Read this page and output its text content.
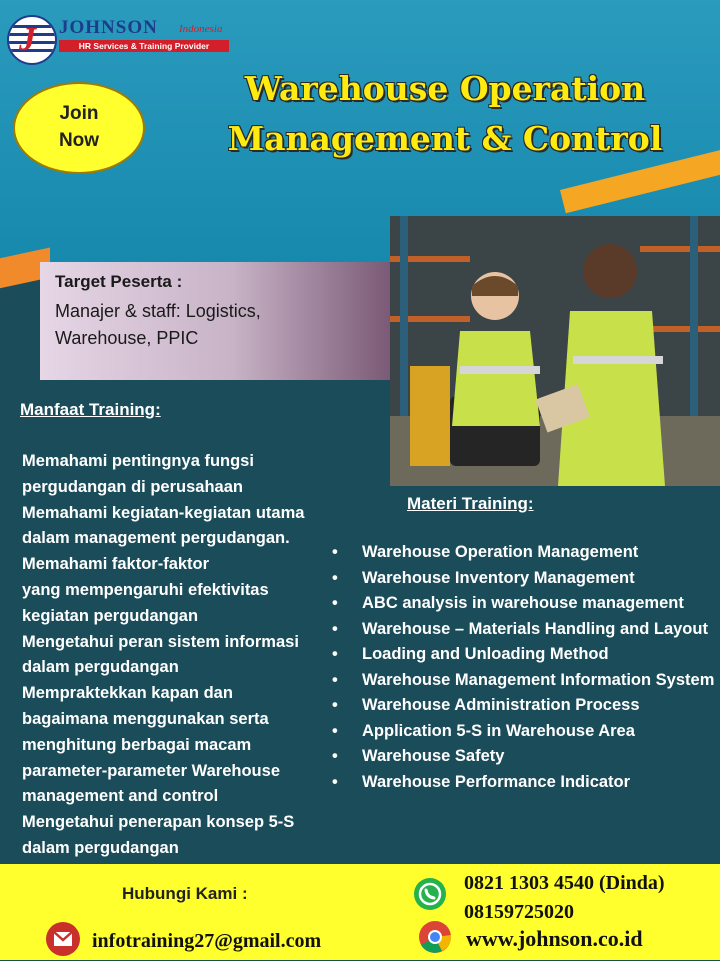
J JOHNSON Indonesia
HR Services & Training Provider
Join
Now
Warehouse Operation
Management & Control
Target Peserta :
Manajer & staff: Logistics,
Warehouse, PPIC
Manfaat Training:
Memahami pentingnya fungsi
pergudangan di perusahaan
Memahami kegiatan-kegiatan utama
dalam management pergudangan.
Memahami faktor-faktor
yang mempengaruhi efektivitas
kegiatan pergudangan
Mengetahui peran sistem informasi
dalam pergudangan
Mempraktekkan kapan dan
bagaimana menggunakan serta
menghitung berbagai macam
parameter-parameter Warehouse
management and control
Mengetahui penerapan konsep 5-S
dalam pergudangan
Materi Training:
• Warehouse Operation Management
• Warehouse Inventory Management
• ABC analysis in warehouse management
• Warehouse – Materials Handling and Layout
• Loading and Unloading Method
• Warehouse Management Information System
• Warehouse Administration Process
• Application 5-S in Warehouse Area
• Warehouse Safety
• Warehouse Performance Indicator
Hubungi Kami :
infotraining27@gmail.com
0821 1303 4540 (Dinda)
08159725020
www.johnson.co.id
